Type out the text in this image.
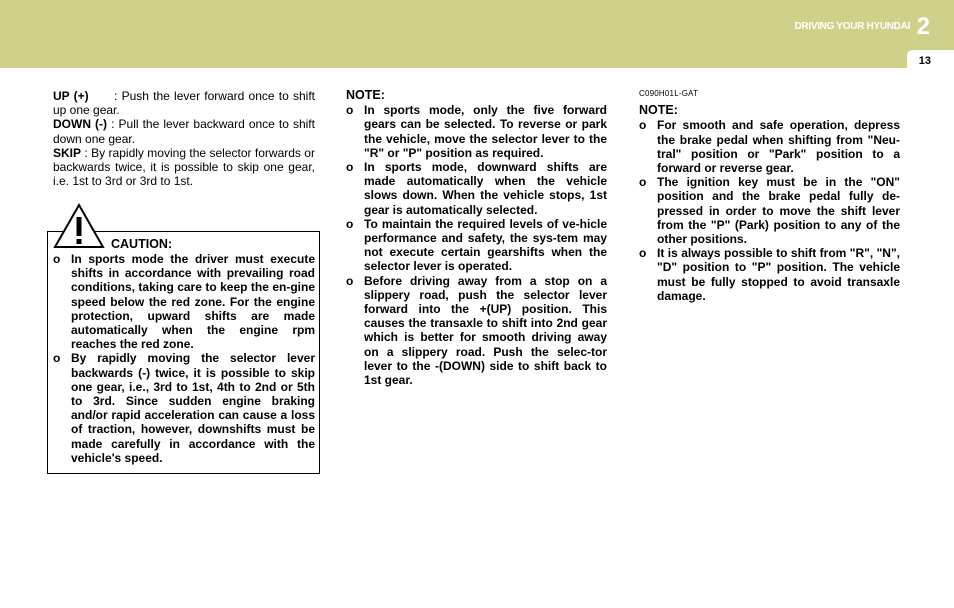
DRIVING YOUR HYUNDAI 2
13

UP (+)      : Push the lever forward once to shift up one gear.

DOWN (-) : Pull the lever backward once to shift down one gear.

SKIP : By rapidly moving the selector forwards or backwards twice, it is possible to skip one gear, i.e. 1st to 3rd or 3rd to 1st.

CAUTION:
o In sports mode the driver must execute shifts in accordance with prevailing road conditions, taking care to keep the en-gine speed below the red zone. For the engine protection, upward shifts are made automatically when the engine rpm reaches the red zone.
o By rapidly moving the selector lever backwards (-) twice, it is possible to skip one gear, i.e., 3rd to 1st, 4th to 2nd or 5th to 3rd. Since sudden engine braking and/or rapid acceleration can cause a loss of traction, however, downshifts must be made carefully in accordance with the vehicle's speed.
NOTE:
o In sports mode, only the five forward gears can be selected. To reverse or park the vehicle, move the selector lever to the "R" or "P" position as required.
o In sports mode, downward shifts are made automatically when the vehicle slows down. When the vehicle stops, 1st gear is automatically selected.
o To maintain the required levels of ve-hicle performance and safety, the sys-tem may not execute certain gearshifts when the selector lever is operated.
o Before driving away from a stop on a slippery road, push the selector lever forward into the +(UP) position. This causes the transaxle to shift into 2nd gear which is better for smooth driving away on a slippery road. Push the selec-tor lever to the -(DOWN) side to shift back to 1st gear.
C090H01L-GAT
NOTE:
o For smooth and safe operation, depress the brake pedal when shifting from "Neu-tral" position or "Park" position to a forward or reverse gear.
o The ignition key must be in the "ON" position and the brake pedal fully de-pressed in order to move the shift lever from the "P" (Park) position to any of the other positions.
o It is always possible to shift from "R", "N", "D" position to "P" position. The vehicle must be fully stopped to avoid transaxle damage.
